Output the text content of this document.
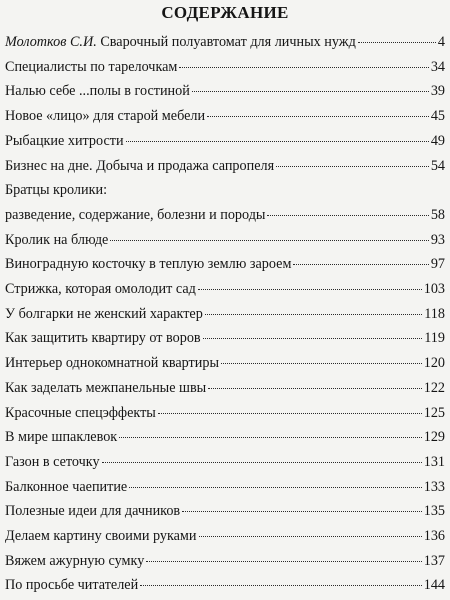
СОДЕРЖАНИЕ
Молотков С.И. Сварочный полуавтомат для личных нужд	4
Специалисты по тарелочкам	34
Налью себе ...полы в гостиной	39
Новое «лицо» для старой мебели	45
Рыбацкие хитрости	49
Бизнес на дне. Добыча и продажа сапропеля	54
Братцы кролики:
разведение, содержание, болезни и породы	58
Кролик на блюде	93
Виноградную косточку в теплую землю зароем	97
Стрижка, которая омолодит сад	103
У болгарки не женский характер	118
Как защитить квартиру от воров	119
Интерьер однокомнатной квартиры	120
Как заделать межпанельные швы	122
Красочные спецэффекты	125
В мире шпаклевок	129
Газон в сеточку	131
Балконное чаепитие	133
Полезные идеи для дачников	135
Делаем картину своими руками	136
Вяжем ажурную сумку	137
По просьбе читателей	144
